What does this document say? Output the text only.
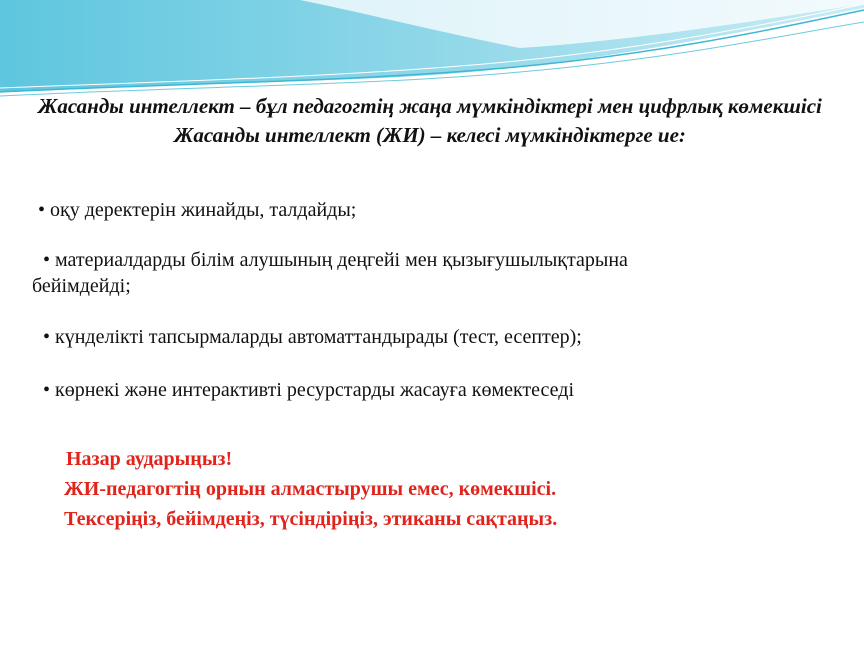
Жасанды интеллект – бұл педагогтің жаңа мүмкіндіктері мен цифрлық көмекшісі Жасанды интеллект (ЖИ) – келесі мүмкіндіктерге ие:
• оқу деректерін жинайды, талдайды;
• материалдарды білім алушының деңгейі мен қызығушылықтарына
бейімдейді;
• күнделікті тапсырмаларды автоматтандырады (тест, есептер);
• көрнекі және интерактивті ресурстарды жасауға көмектеседі
Назар аударыңыз!
ЖИ-педагогтің орнын алмастырушы емес, көмекшісі.
Тексеріңіз, бейімдеңіз, түсіндіріңіз, этиканы сақтаңыз.
